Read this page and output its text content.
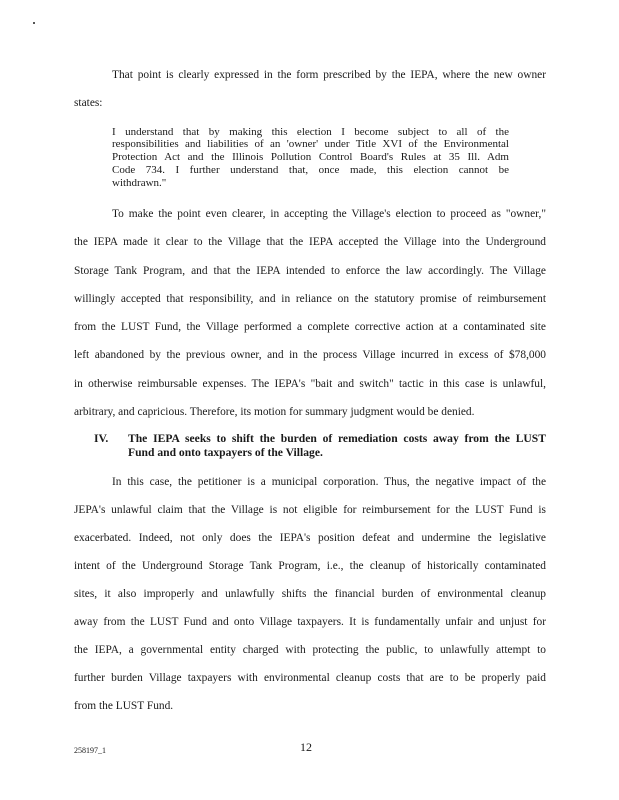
That point is clearly expressed in the form prescribed by the IEPA, where the new owner
states:
I understand that by making this election I become subject to all of the
responsibilities and liabilities of an 'owner' under Title XVI of the Environmental
Protection Act and the Illinois Pollution Control Board's Rules at 35 Ill. Adm
Code 734. I further understand that, once made, this election cannot be
withdrawn."
To make the point even clearer, in accepting the Village's election to proceed as "owner,"
the IEPA made it clear to the Village that the IEPA accepted the Village into the Underground
Storage Tank Program, and that the IEPA intended to enforce the law accordingly. The Village
willingly accepted that responsibility, and in reliance on the statutory promise of reimbursement
from the LUST Fund, the Village performed a complete corrective action at a contaminated site
left abandoned by the previous owner, and in the process Village incurred in excess of $78,000
in otherwise reimbursable expenses. The IEPA's "bait and switch" tactic in this case is unlawful,
arbitrary, and capricious. Therefore, its motion for summary judgment would be denied.
IV. The IEPA seeks to shift the burden of remediation costs away from the LUST
Fund and onto taxpayers of the Village.
In this case, the petitioner is a municipal corporation. Thus, the negative impact of the
JEPA's unlawful claim that the Village is not eligible for reimbursement for the LUST Fund is
exacerbated. Indeed, not only does the IEPA's position defeat and undermine the legislative
intent of the Underground Storage Tank Program, i.e., the cleanup of historically contaminated
sites, it also improperly and unlawfully shifts the financial burden of environmental cleanup
away from the LUST Fund and onto Village taxpayers. It is fundamentally unfair and unjust for
the IEPA, a governmental entity charged with protecting the public, to unlawfully attempt to
further burden Village taxpayers with environmental cleanup costs that are to be properly paid
from the LUST Fund.
258197_1	12
